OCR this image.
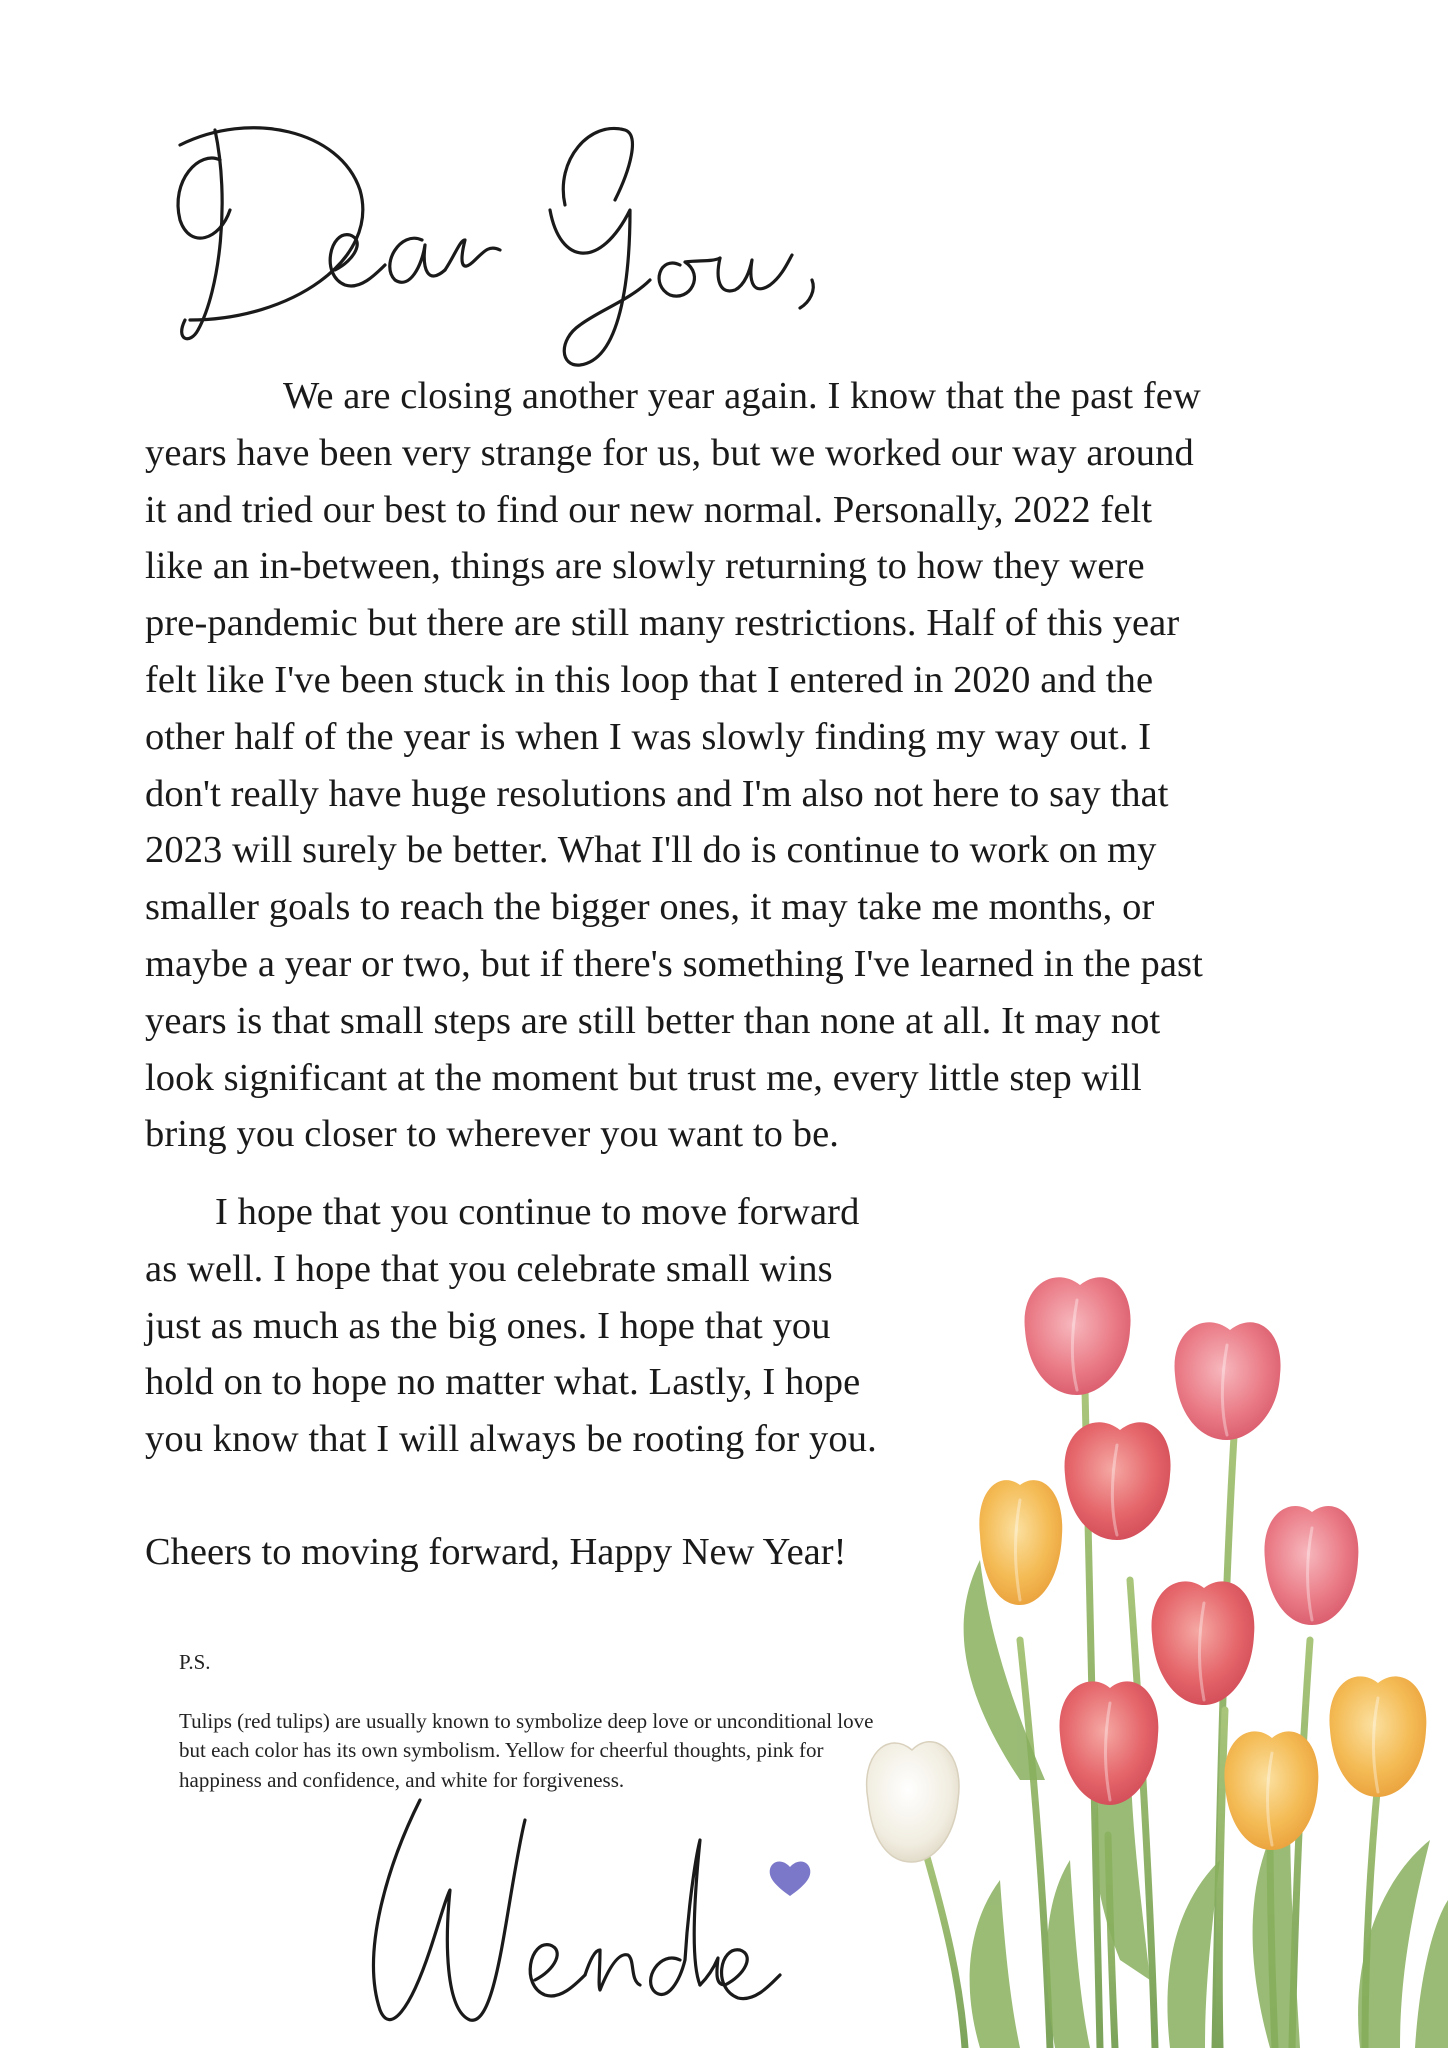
We are closing another year again. I know that the past few
years have been very strange for us, but we worked our way around
it and tried our best to find our new normal. Personally, 2022 felt
like an in-between, things are slowly returning to how they were
pre-pandemic but there are still many restrictions. Half of this year
felt like I've been stuck in this loop that I entered in 2020 and the
other half of the year is when I was slowly finding my way out. I
don't really have huge resolutions and I'm also not here to say that
2023 will surely be better. What I'll do is continue to work on my
smaller goals to reach the bigger ones, it may take me months, or
maybe a year or two, but if there's something I've learned in the past
years is that small steps are still better than none at all. It may not
look significant at the moment but trust me, every little step will
bring you closer to wherever you want to be.

I hope that you continue to move forward
as well. I hope that you celebrate small wins
just as much as the big ones. I hope that you
hold on to hope no matter what. Lastly, I hope
you know that I will always be rooting for you.

Cheers to moving forward, Happy New Year!

P.S.

Tulips (red tulips) are usually known to symbolize deep love or unconditional love
but each color has its own symbolism. Yellow for cheerful thoughts, pink for
happiness and confidence, and white for forgiveness.
